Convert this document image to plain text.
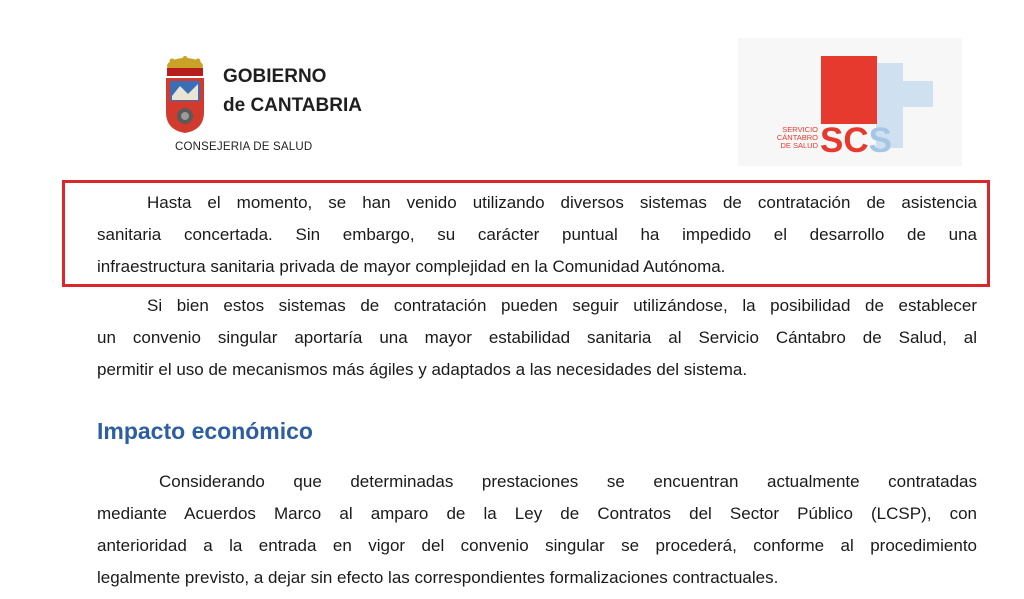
GOBIERNO
de CANTABRIA
CONSEJERIA DE SALUD
SERVICIO
CÁNTABRO
DE SALUD SCS
Hasta el momento, se han venido utilizando diversos sistemas de contratación de asistencia
sanitaria concertada. Sin embargo, su carácter puntual ha impedido el desarrollo de una
infraestructura sanitaria privada de mayor complejidad en la Comunidad Autónoma.
Si bien estos sistemas de contratación pueden seguir utilizándose, la posibilidad de establecer
un convenio singular aportaría una mayor estabilidad sanitaria al Servicio Cántabro de Salud, al
permitir el uso de mecanismos más ágiles y adaptados a las necesidades del sistema.
Impacto económico
Considerando que determinadas prestaciones se encuentran actualmente contratadas
mediante Acuerdos Marco al amparo de la Ley de Contratos del Sector Público (LCSP), con
anterioridad a la entrada en vigor del convenio singular se procederá, conforme al procedimiento
legalmente previsto, a dejar sin efecto las correspondientes formalizaciones contractuales.
